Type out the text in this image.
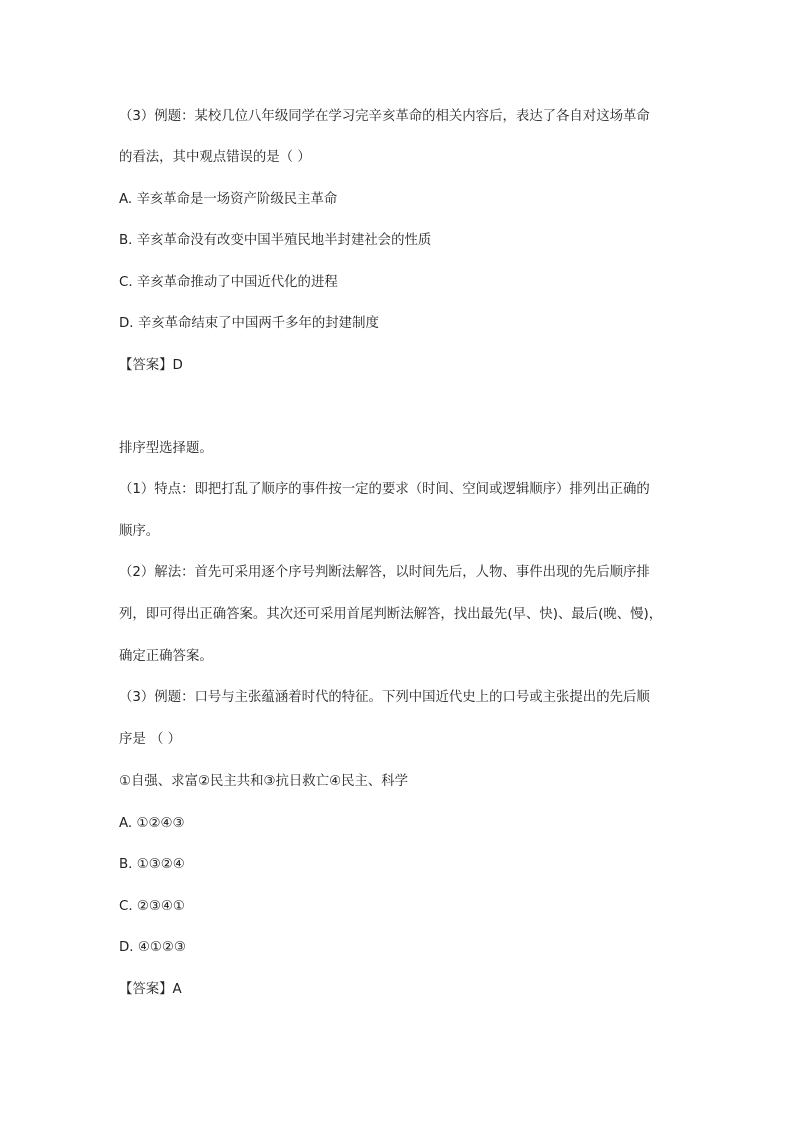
（3）例题：某校几位八年级同学在学习完辛亥革命的相关内容后，表达了各自对这场革命
的看法，其中观点错误的是（ ）
A. 辛亥革命是一场资产阶级民主革命
B. 辛亥革命没有改变中国半殖民地半封建社会的性质
C. 辛亥革命推动了中国近代化的进程
D. 辛亥革命结束了中国两千多年的封建制度
【答案】D
排序型选择题。
（1）特点：即把打乱了顺序的事件按一定的要求（时间、空间或逻辑顺序）排列出正确的
顺序。
（2）解法：首先可采用逐个序号判断法解答，以时间先后，人物、事件出现的先后顺序排
列，即可得出正确答案。其次还可采用首尾判断法解答，找出最先(早、快)、最后(晚、慢)，
确定正确答案。
（3）例题：口号与主张蕴涵着时代的特征。下列中国近代史上的口号或主张提出的先后顺
序是 （ ）
①自强、求富②民主共和③抗日救亡④民主、科学
A. ①②④③
B. ①③②④
C. ②③④①
D. ④①②③
【答案】A
